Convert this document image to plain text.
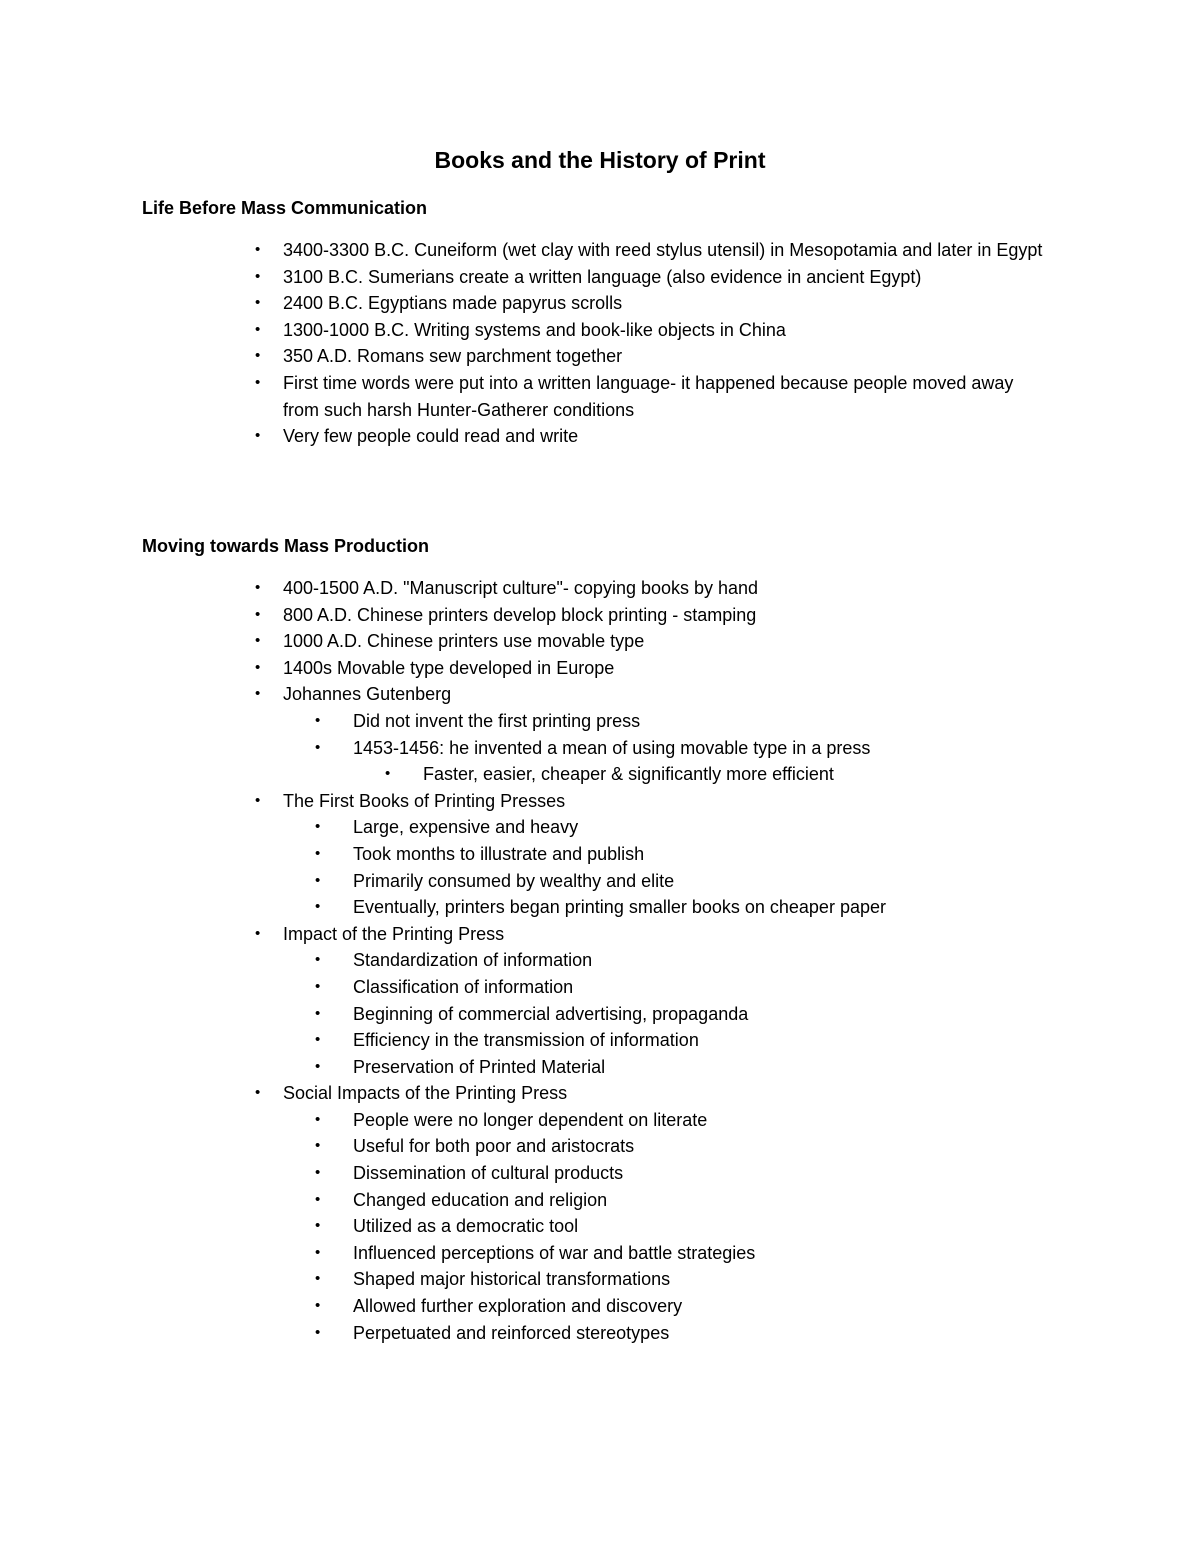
Books and the History of Print
Life Before Mass Communication
• 3400-3300 B.C. Cuneiform (wet clay with reed stylus utensil) in Mesopotamia and later in Egypt
• 3100 B.C. Sumerians create a written language (also evidence in ancient Egypt)
• 2400 B.C. Egyptians made papyrus scrolls
• 1300-1000 B.C. Writing systems and book-like objects in China
• 350 A.D. Romans sew parchment together
• First time words were put into a written language- it happened because people moved away from such harsh Hunter-Gatherer conditions
• Very few people could read and write
Moving towards Mass Production
• 400-1500 A.D. "Manuscript culture"- copying books by hand
• 800 A.D. Chinese printers develop block printing - stamping
• 1000 A.D. Chinese printers use movable type
• 1400s Movable type developed in Europe
• Johannes Gutenberg
• Did not invent the first printing press
• 1453-1456: he invented a mean of using movable type in a press
• Faster, easier, cheaper & significantly more efficient
• The First Books of Printing Presses
• Large, expensive and heavy
• Took months to illustrate and publish
• Primarily consumed by wealthy and elite
• Eventually, printers began printing smaller books on cheaper paper
• Impact of the Printing Press
• Standardization of information
• Classification of information
• Beginning of commercial advertising, propaganda
• Efficiency in the transmission of information
• Preservation of Printed Material
• Social Impacts of the Printing Press
• People were no longer dependent on literate
• Useful for both poor and aristocrats
• Dissemination of cultural products
• Changed education and religion
• Utilized as a democratic tool
• Influenced perceptions of war and battle strategies
• Shaped major historical transformations
• Allowed further exploration and discovery
• Perpetuated and reinforced stereotypes
